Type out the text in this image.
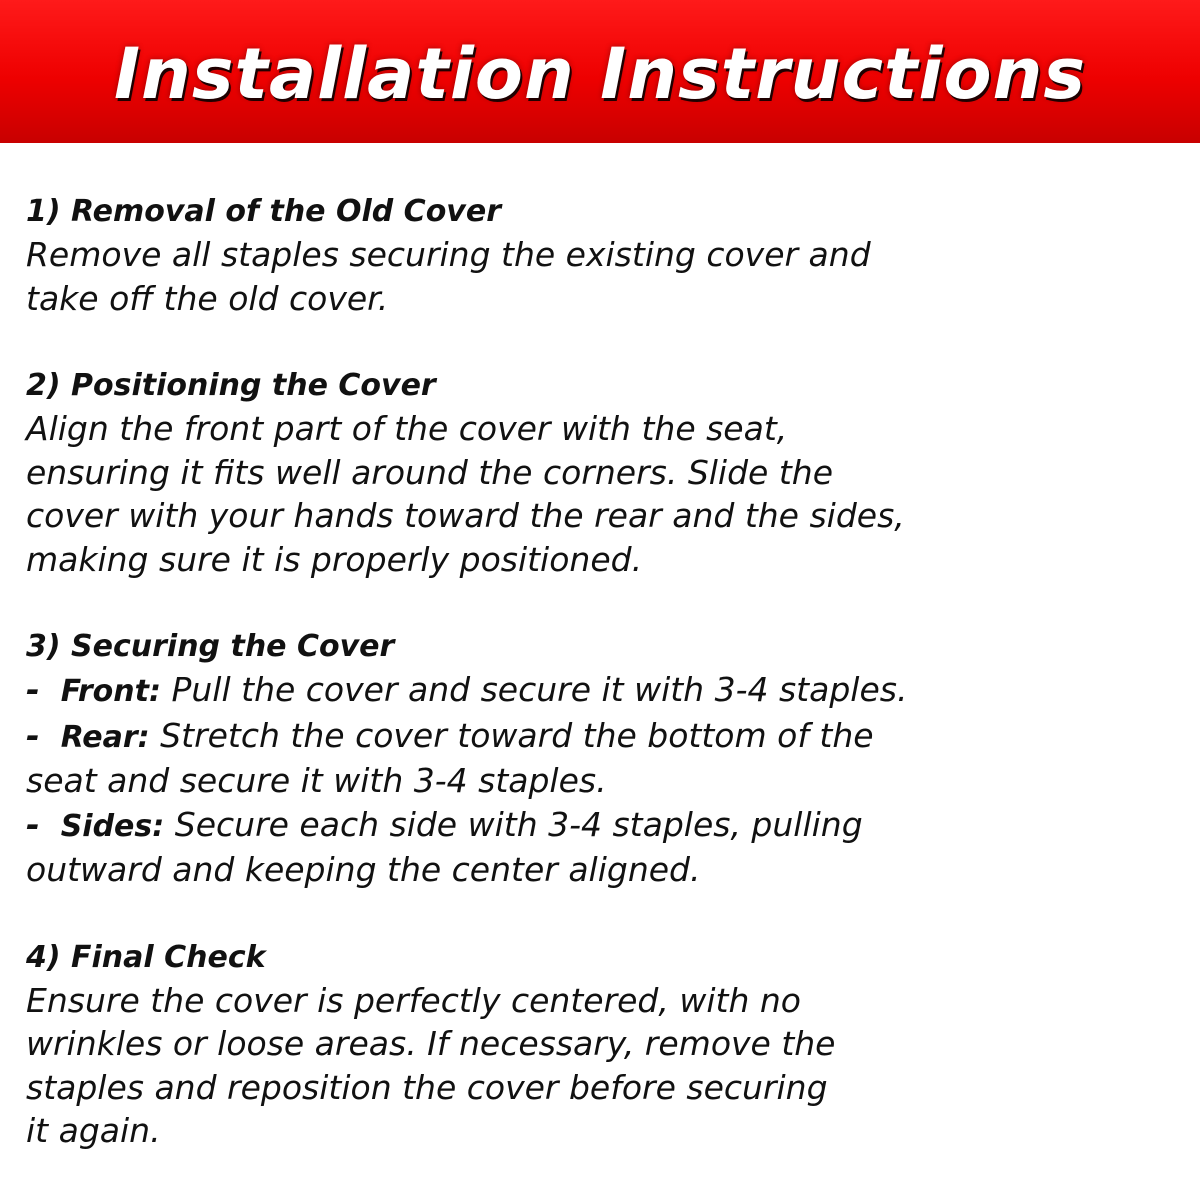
Installation Instructions
1) Removal of the Old Cover
Remove all staples securing the existing cover and
take off the old cover.
2) Positioning the Cover
Align the front part of the cover with the seat,
ensuring it fits well around the corners. Slide the
cover with your hands toward the rear and the sides,
making sure it is properly positioned.
3) Securing the Cover
- Front: Pull the cover and secure it with 3-4 staples.
- Rear: Stretch the cover toward the bottom of the
seat and secure it with 3-4 staples.
- Sides: Secure each side with 3-4 staples, pulling
outward and keeping the center aligned.
4) Final Check
Ensure the cover is perfectly centered, with no
wrinkles or loose areas. If necessary, remove the
staples and reposition the cover before securing
it again.
